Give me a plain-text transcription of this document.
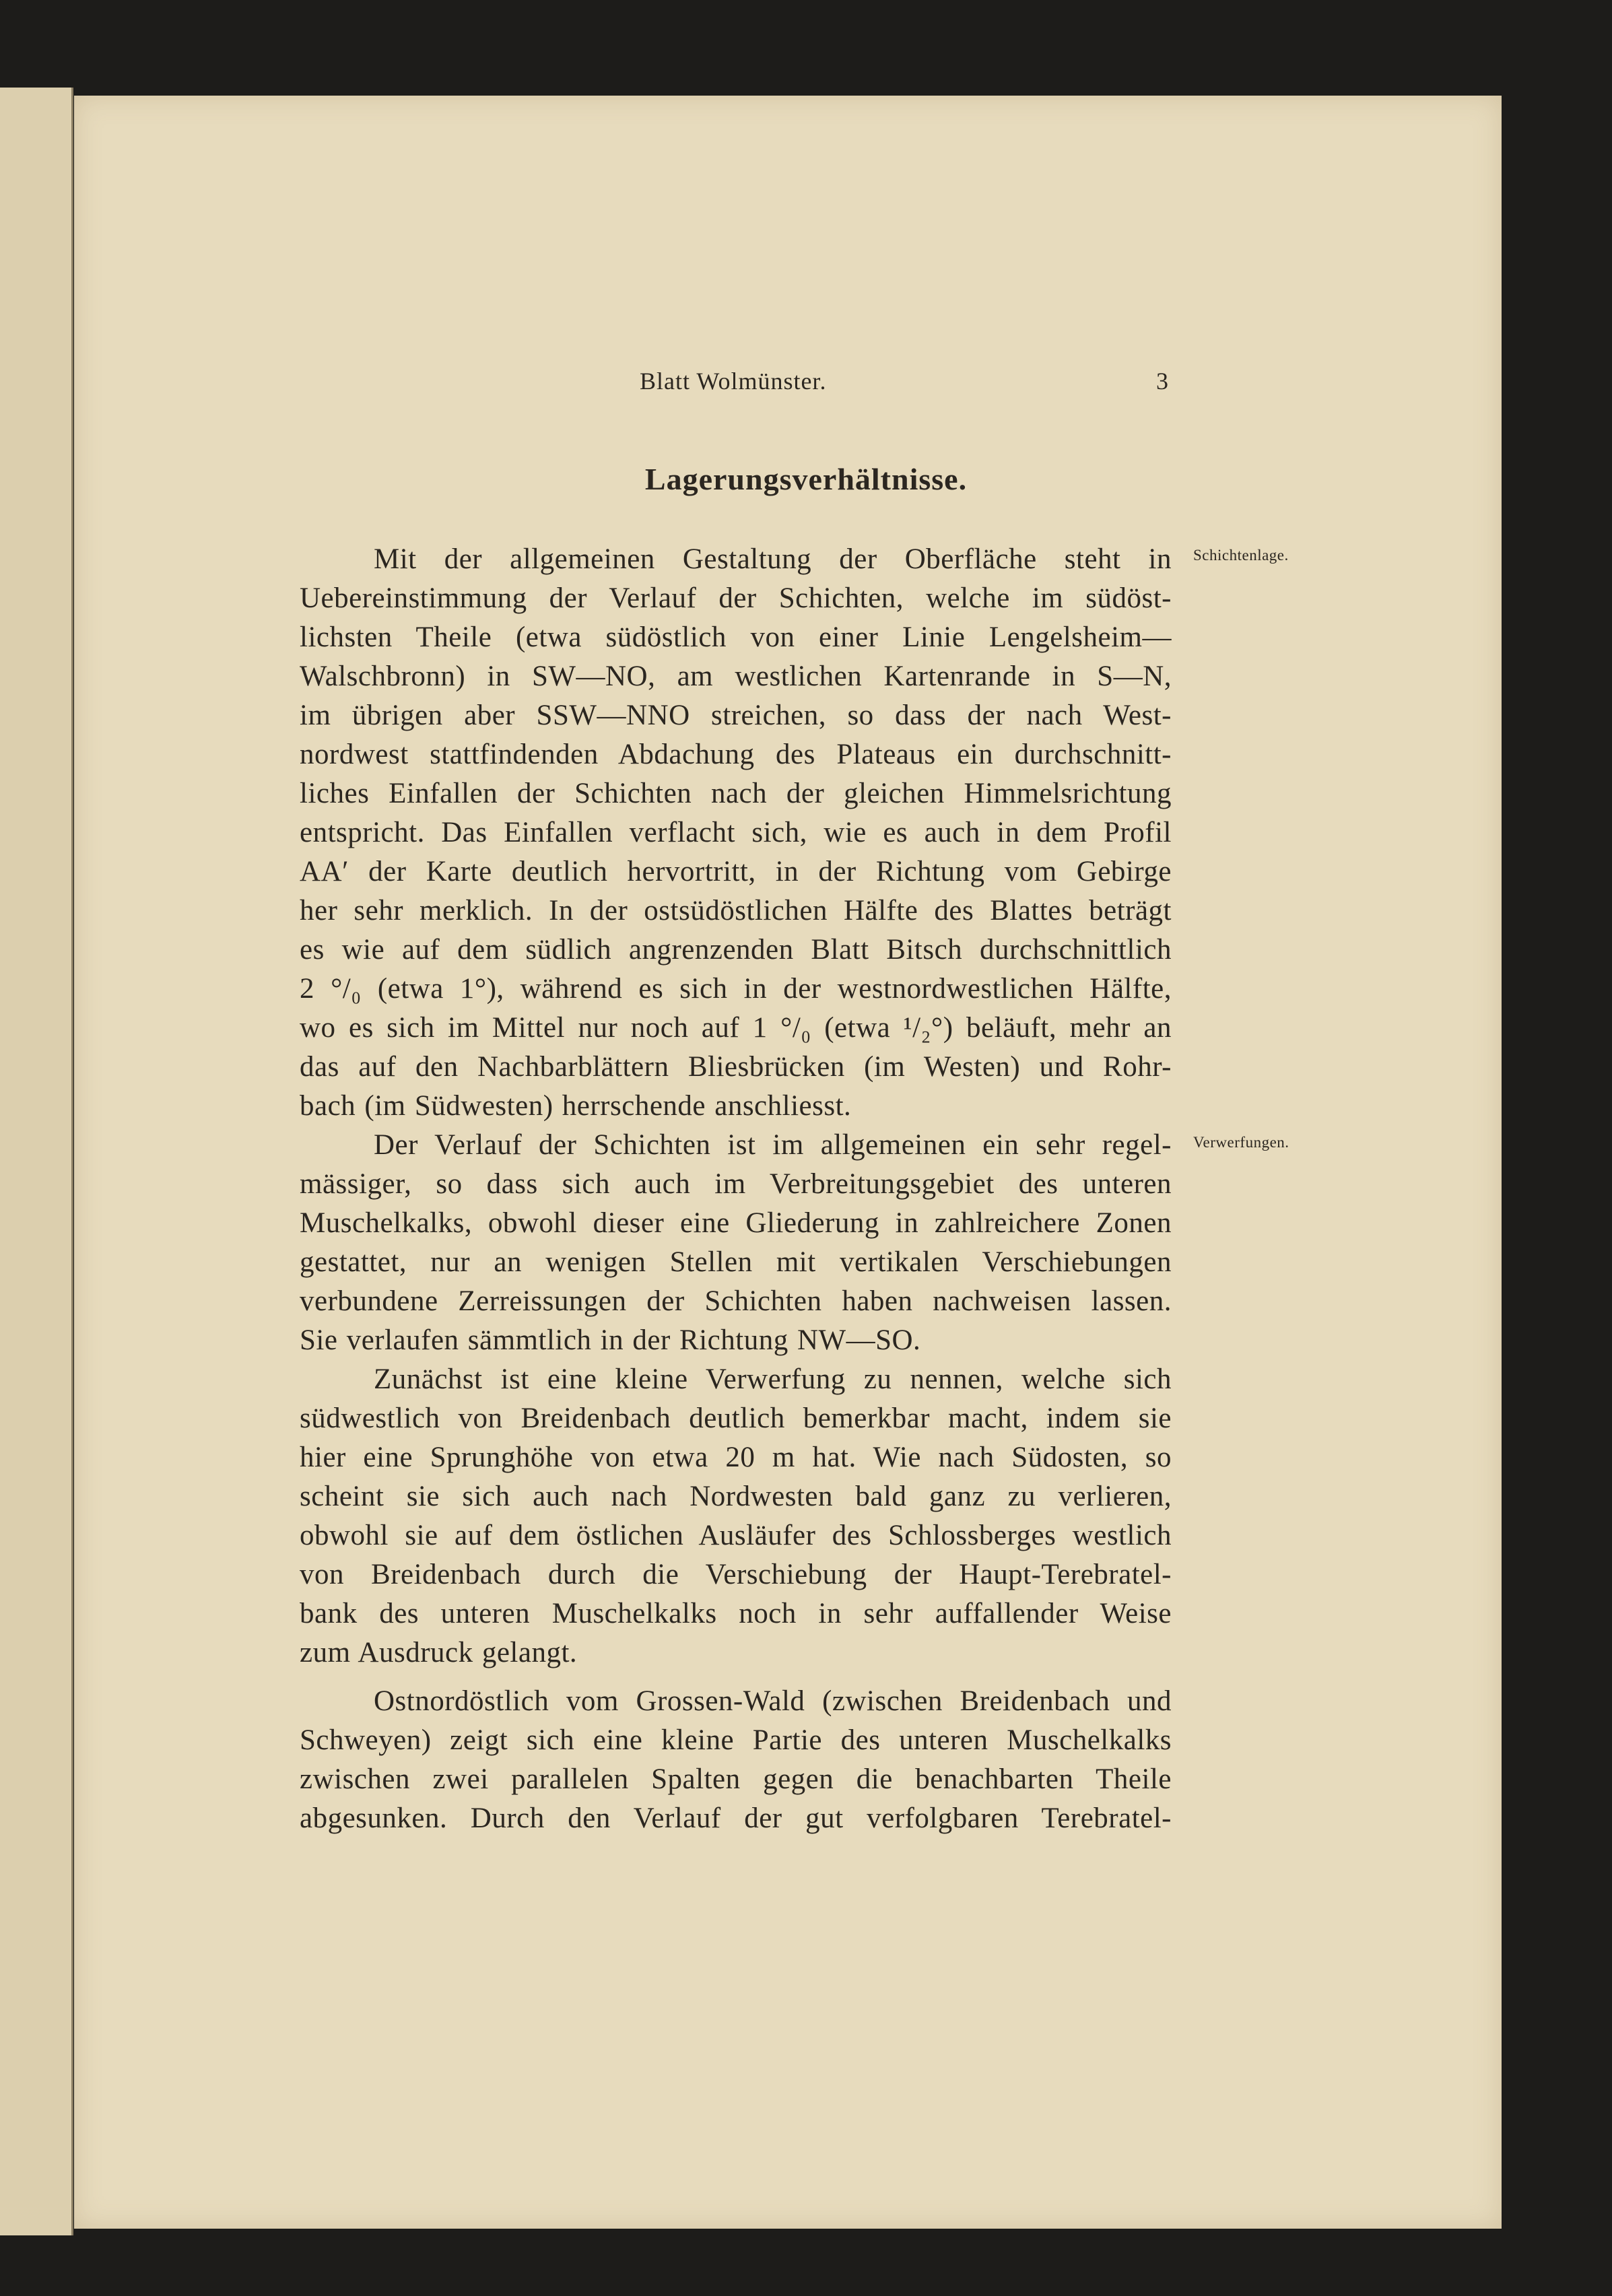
Blatt Wolmünster.	3
Lagerungsverhältnisse.
Schichtenlage.
Verwerfungen.
Mit der allgemeinen Gestaltung der Oberfläche steht in
Uebereinstimmung der Verlauf der Schichten, welche im südöst-
lichsten Theile (etwa südöstlich von einer Linie Lengelsheim—
Walschbronn) in SW—NO, am westlichen Kartenrande in S—N,
im übrigen aber SSW—NNO streichen, so dass der nach West-
nordwest stattfindenden Abdachung des Plateaus ein durchschnitt-
liches Einfallen der Schichten nach der gleichen Himmelsrichtung
entspricht. Das Einfallen verflacht sich, wie es auch in dem Profil
AA′ der Karte deutlich hervortritt, in der Richtung vom Gebirge
her sehr merklich. In der ostsüdöstlichen Hälfte des Blattes beträgt
es wie auf dem südlich angrenzenden Blatt Bitsch durchschnittlich
2 °/₀ (etwa 1°), während es sich in der westnordwestlichen Hälfte,
wo es sich im Mittel nur noch auf 1 °/₀ (etwa ¹/₂°) beläuft, mehr an
das auf den Nachbarblättern Bliesbrücken (im Westen) und Rohr-
bach (im Südwesten) herrschende anschliesst.
Der Verlauf der Schichten ist im allgemeinen ein sehr regel-
mässiger, so dass sich auch im Verbreitungsgebiet des unteren
Muschelkalks, obwohl dieser eine Gliederung in zahlreichere Zonen
gestattet, nur an wenigen Stellen mit vertikalen Verschiebungen
verbundene Zerreissungen der Schichten haben nachweisen lassen.
Sie verlaufen sämmtlich in der Richtung NW—SO.
Zunächst ist eine kleine Verwerfung zu nennen, welche sich
südwestlich von Breidenbach deutlich bemerkbar macht, indem sie
hier eine Sprunghöhe von etwa 20 m hat. Wie nach Südosten, so
scheint sie sich auch nach Nordwesten bald ganz zu verlieren,
obwohl sie auf dem östlichen Ausläufer des Schlossberges westlich
von Breidenbach durch die Verschiebung der Haupt-Terebratel-
bank des unteren Muschelkalks noch in sehr auffallender Weise
zum Ausdruck gelangt.
Ostnordöstlich vom Grossen-Wald (zwischen Breidenbach und
Schweyen) zeigt sich eine kleine Partie des unteren Muschelkalks
zwischen zwei parallelen Spalten gegen die benachbarten Theile
abgesunken. Durch den Verlauf der gut verfolgbaren Terebratel-
